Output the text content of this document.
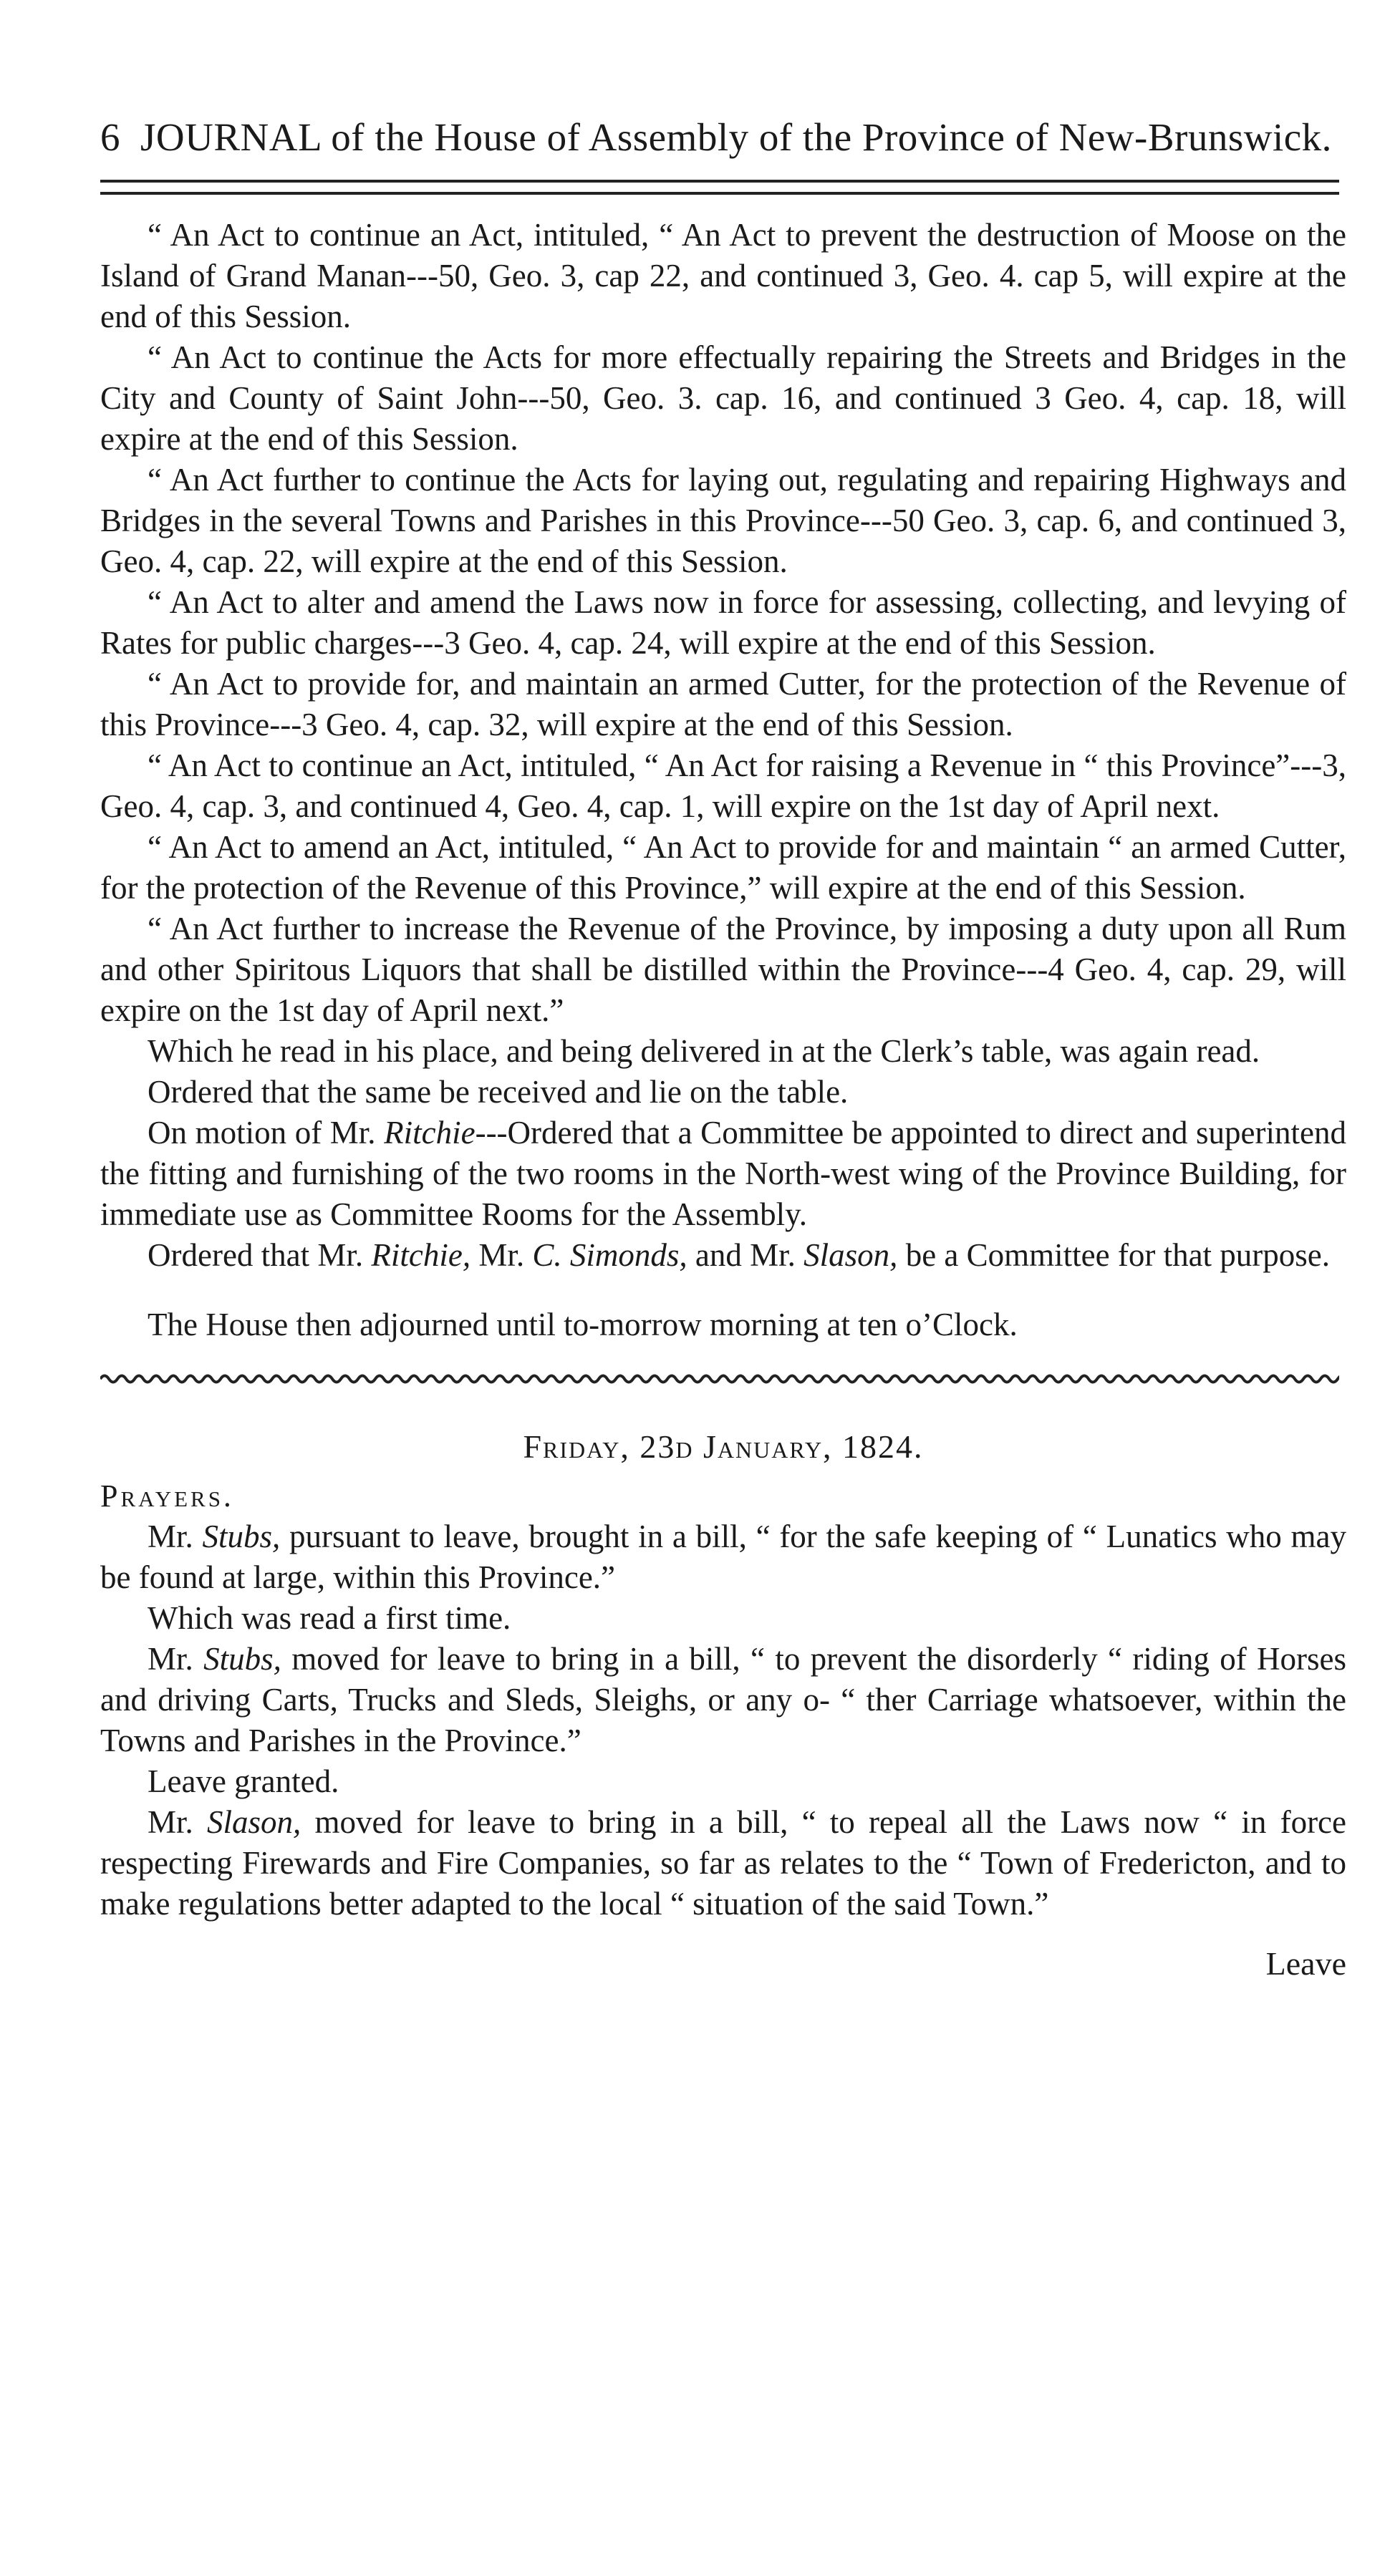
6 JOURNAL of the House of Assembly of the Province of New-Brunswick.

“ An Act to continue an Act, intituled, “ An Act to prevent the destruction of Moose on the Island of Grand Manan---50, Geo. 3, cap 22, and continued 3, Geo. 4. cap 5, will expire at the end of this Session.

“ An Act to continue the Acts for more effectually repairing the Streets and Bridges in the City and County of Saint John---50, Geo. 3. cap. 16, and continued 3 Geo. 4, cap. 18, will expire at the end of this Session.

“ An Act further to continue the Acts for laying out, regulating and repairing Highways and Bridges in the several Towns and Parishes in this Province---50 Geo. 3, cap. 6, and continued 3, Geo. 4, cap. 22, will expire at the end of this Session.

“ An Act to alter and amend the Laws now in force for assessing, collecting, and levying of Rates for public charges---3 Geo. 4, cap. 24, will expire at the end of this Session.

“ An Act to provide for, and maintain an armed Cutter, for the protection of the Revenue of this Province---3 Geo. 4, cap. 32, will expire at the end of this Session.

“ An Act to continue an Act, intituled, “ An Act for raising a Revenue in “ this Province”---3, Geo. 4, cap. 3, and continued 4, Geo. 4, cap. 1, will expire on the 1st day of April next.

“ An Act to amend an Act, intituled, “ An Act to provide for and maintain “ an armed Cutter, for the protection of the Revenue of this Province,” will expire at the end of this Session.

“ An Act further to increase the Revenue of the Province, by imposing a duty upon all Rum and other Spiritous Liquors that shall be distilled within the Province---4 Geo. 4, cap. 29, will expire on the 1st day of April next.”

Which he read in his place, and being delivered in at the Clerk’s table, was again read.

Ordered that the same be received and lie on the table.

On motion of Mr. Ritchie---Ordered that a Committee be appointed to direct and superintend the fitting and furnishing of the two rooms in the North-west wing of the Province Building, for immediate use as Committee Rooms for the Assembly.

Ordered that Mr. Ritchie, Mr. C. Simonds, and Mr. Slason, be a Committee for that purpose.

The House then adjourned until to-morrow morning at ten o’Clock.

Friday, 23d January, 1824.
Prayers.

Mr. Stubs, pursuant to leave, brought in a bill, “ for the safe keeping of “ Lunatics who may be found at large, within this Province.”

Which was read a first time.

Mr. Stubs, moved for leave to bring in a bill, “ to prevent the disorderly “ riding of Horses and driving Carts, Trucks and Sleds, Sleighs, or any o- “ ther Carriage whatsoever, within the Towns and Parishes in the Province.”

Leave granted.

Mr. Slason, moved for leave to bring in a bill, “ to repeal all the Laws now “ in force respecting Firewards and Fire Companies, so far as relates to the “ Town of Fredericton, and to make regulations better adapted to the local “ situation of the said Town.”

Leave
